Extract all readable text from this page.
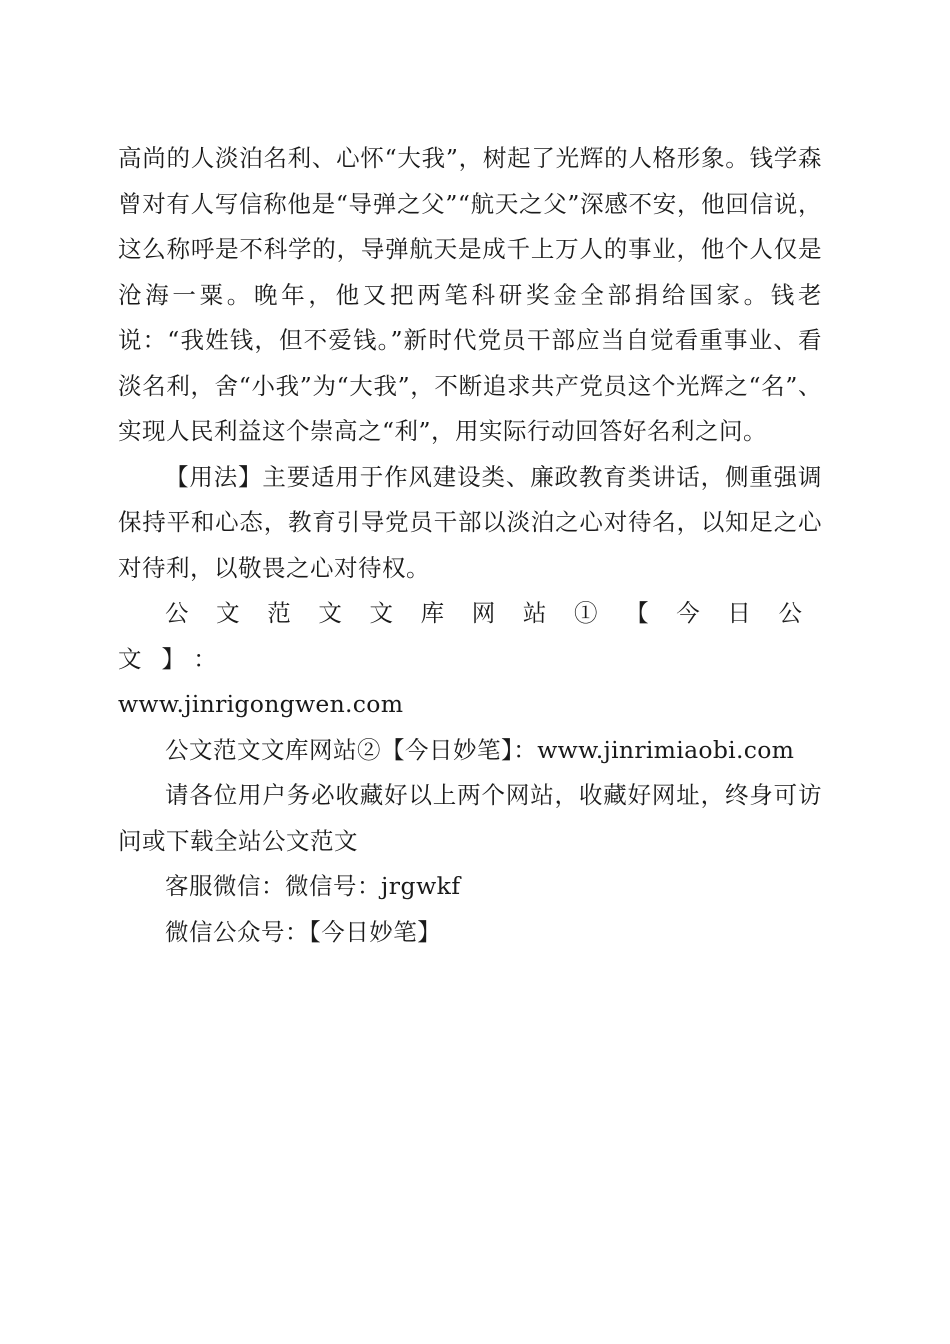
高尚的人淡泊名利、心怀“大我”，树起了光辉的人格形象。钱学森曾对有人写信称他是“导弹之父”“航天之父”深感不安，他回信说，这么称呼是不科学的，导弹航天是成千上万人的事业，他个人仅是沧海一粟。晚年，他又把两笔科研奖金全部捐给国家。钱老说：“我姓钱，但不爱钱。”新时代党员干部应当自觉看重事业、看淡名利，舍“小我”为“大我”，不断追求共产党员这个光辉之“名”、实现人民利益这个崇高之“利”，用实际行动回答好名利之问。

【用法】主要适用于作风建设类、廉政教育类讲话，侧重强调保持平和心态，教育引导党员干部以淡泊之心对待名，以知足之心对待利，以敬畏之心对待权。

公文范文文库网站①【今日公文】：
www.jinrigongwen.com

公文范文文库网站②【今日妙笔】：www.jinrimiaobi.com

请各位用户务必收藏好以上两个网站，收藏好网址，终身可访问或下载全站公文范文

客服微信：微信号：jrgwkf

微信公众号：【今日妙笔】
